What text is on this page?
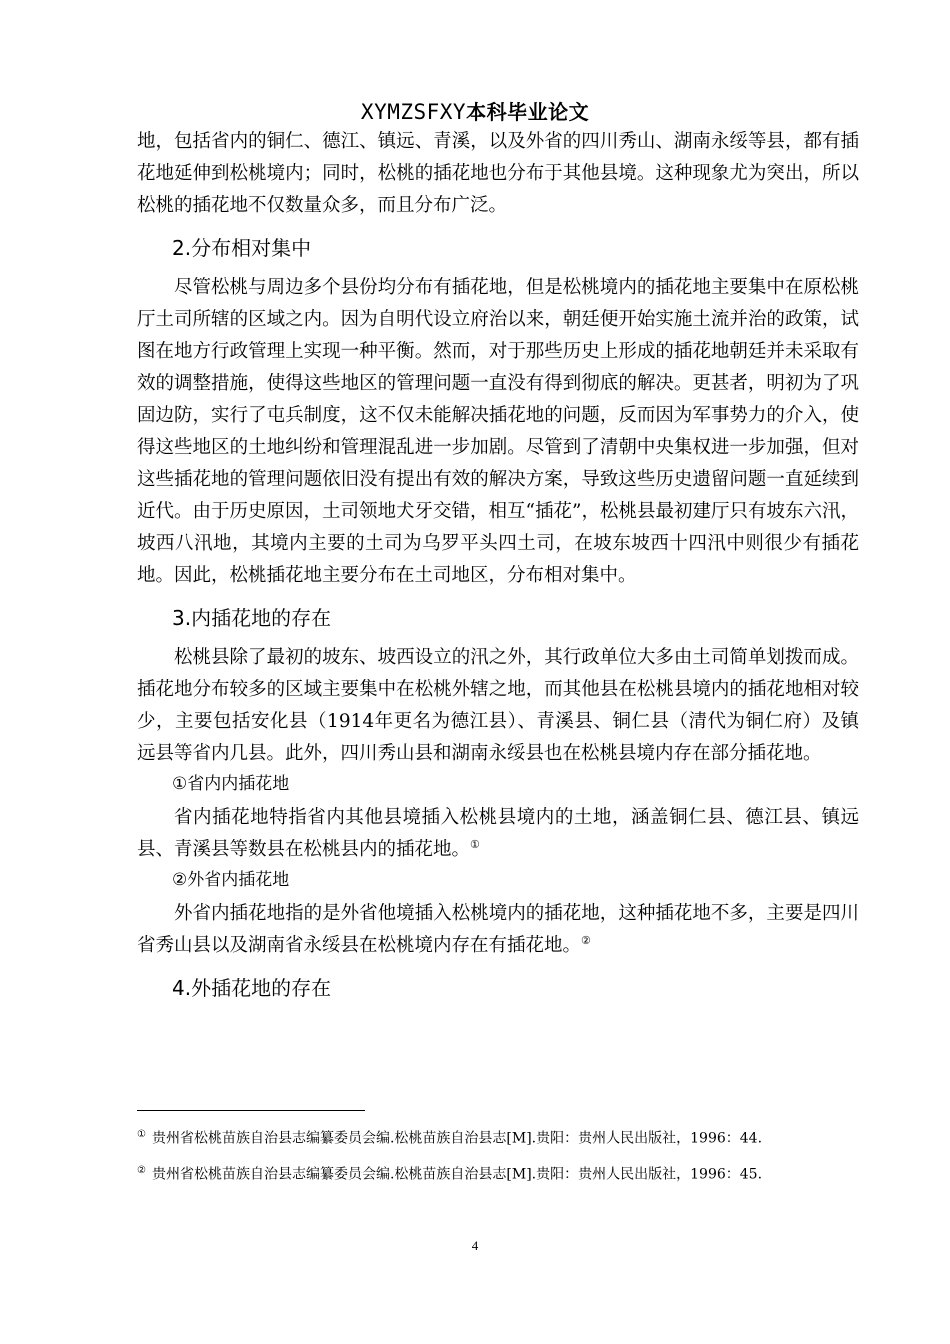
XYMZSFXY本科毕业论文

地，包括省内的铜仁、德江、镇远、青溪，以及外省的四川秀山、湖南永绥等县，都有插花地延伸到松桃境内；同时，松桃的插花地也分布于其他县境。这种现象尤为突出，所以松桃的插花地不仅数量众多，而且分布广泛。

2.分布相对集中

尽管松桃与周边多个县份均分布有插花地，但是松桃境内的插花地主要集中在原松桃厅土司所辖的区域之内。因为自明代设立府治以来，朝廷便开始实施土流并治的政策，试图在地方行政管理上实现一种平衡。然而，对于那些历史上形成的插花地朝廷并未采取有效的调整措施，使得这些地区的管理问题一直没有得到彻底的解决。更甚者，明初为了巩固边防，实行了屯兵制度，这不仅未能解决插花地的问题，反而因为军事势力的介入，使得这些地区的土地纠纷和管理混乱进一步加剧。尽管到了清朝中央集权进一步加强，但对这些插花地的管理问题依旧没有提出有效的解决方案，导致这些历史遗留问题一直延续到近代。由于历史原因，土司领地犬牙交错，相互“插花”，松桃县最初建厅只有坡东六汛，坡西八汛地，其境内主要的土司为乌罗平头四土司，在坡东坡西十四汛中则很少有插花地。因此，松桃插花地主要分布在土司地区，分布相对集中。

3.内插花地的存在

松桃县除了最初的坡东、坡西设立的汛之外，其行政单位大多由土司简单划拨而成。插花地分布较多的区域主要集中在松桃外辖之地，而其他县在松桃县境内的插花地相对较少，主要包括安化县（1914年更名为德江县）、青溪县、铜仁县（清代为铜仁府）及镇远县等省内几县。此外，四川秀山县和湖南永绥县也在松桃县境内存在部分插花地。

①省内内插花地

省内插花地特指省内其他县境插入松桃县境内的土地，涵盖铜仁县、德江县、镇远县、青溪县等数县在松桃县内的插花地。①

②外省内插花地

外省内插花地指的是外省他境插入松桃境内的插花地，这种插花地不多，主要是四川省秀山县以及湖南省永绥县在松桃境内存在有插花地。②

4.外插花地的存在
① 贵州省松桃苗族自治县志编纂委员会编.松桃苗族自治县志[M].贵阳：贵州人民出版社，1996：44.
② 贵州省松桃苗族自治县志编纂委员会编.松桃苗族自治县志[M].贵阳：贵州人民出版社，1996：45.
4
